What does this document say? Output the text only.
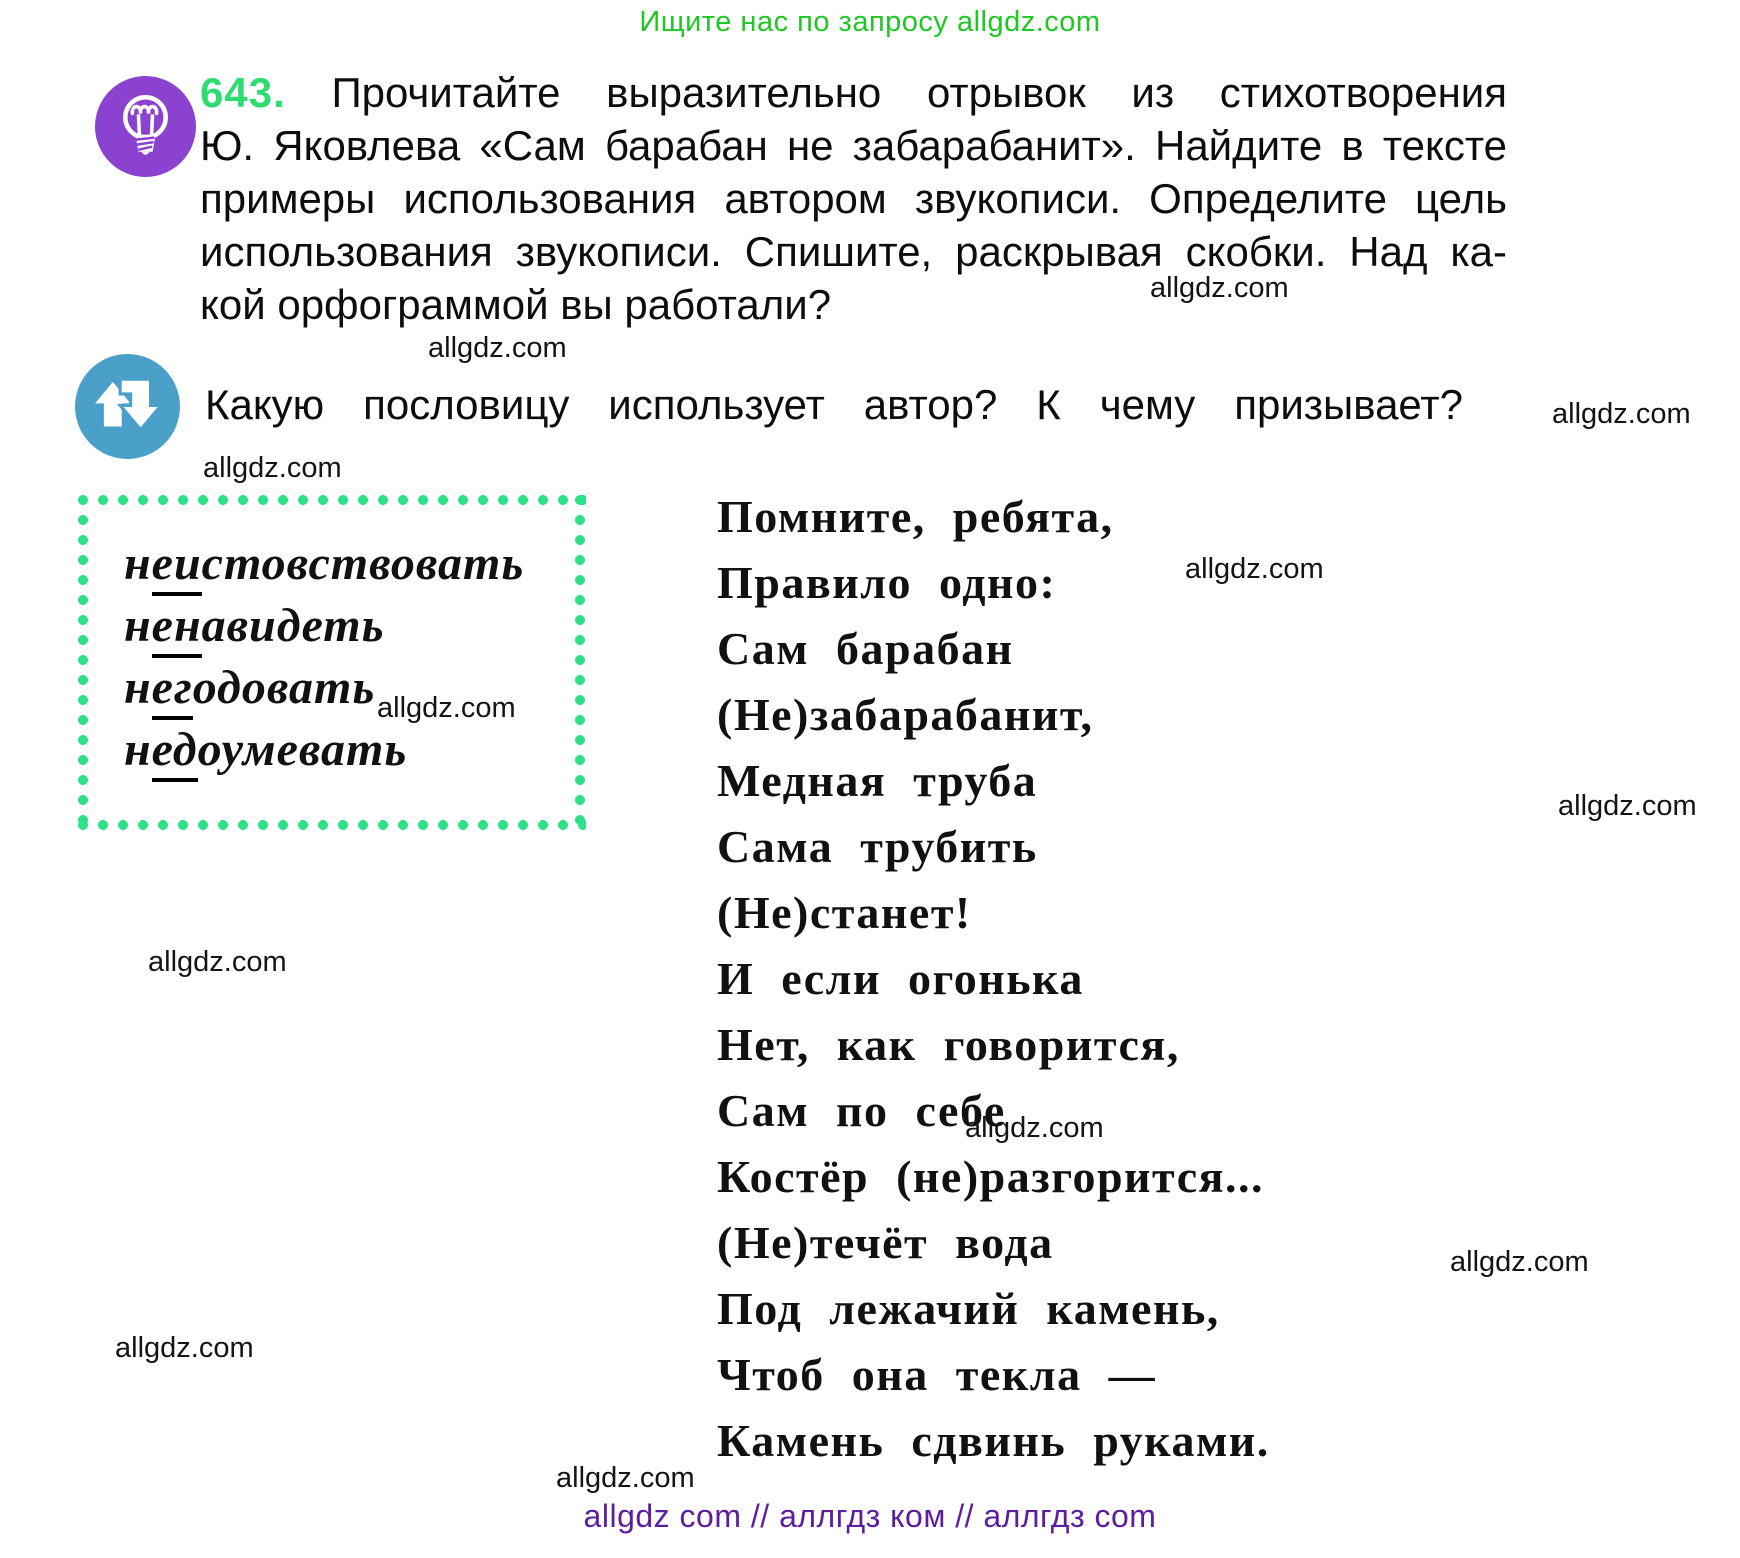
Ищите нас по запросу allgdz.com
643. Прочитайте выразительно отрывок из стихотворения
Ю. Яковлева «Сам барабан не забарабанит». Найдите в тексте
примеры использования автором звукописи. Определите цель
использования звукописи. Спишите, раскрывая скобки. Над ка-
кой орфограммой вы работали?
Какую пословицу использует автор? К чему призывает?
неистовствовать
ненавидеть
негодовать
недоумевать
Помните, ребята,
Правило одно:
Сам барабан
(Не)забарабанит,
Медная труба
Сама трубить
(Не)станет!
И если огонька
Нет, как говорится,
Сам по себе
Костёр (не)разгорится...
(Не)течёт вода
Под лежачий камень,
Чтоб она текла —
Камень сдвинь руками.
allgdz.com
allgdz.com
allgdz.com
allgdz.com
allgdz.com
allgdz.com
allgdz.com
allgdz.com
allgdz.com
allgdz.com
allgdz.com
allgdz.com
allgdz com // аллгдз ком // аллгдз com
